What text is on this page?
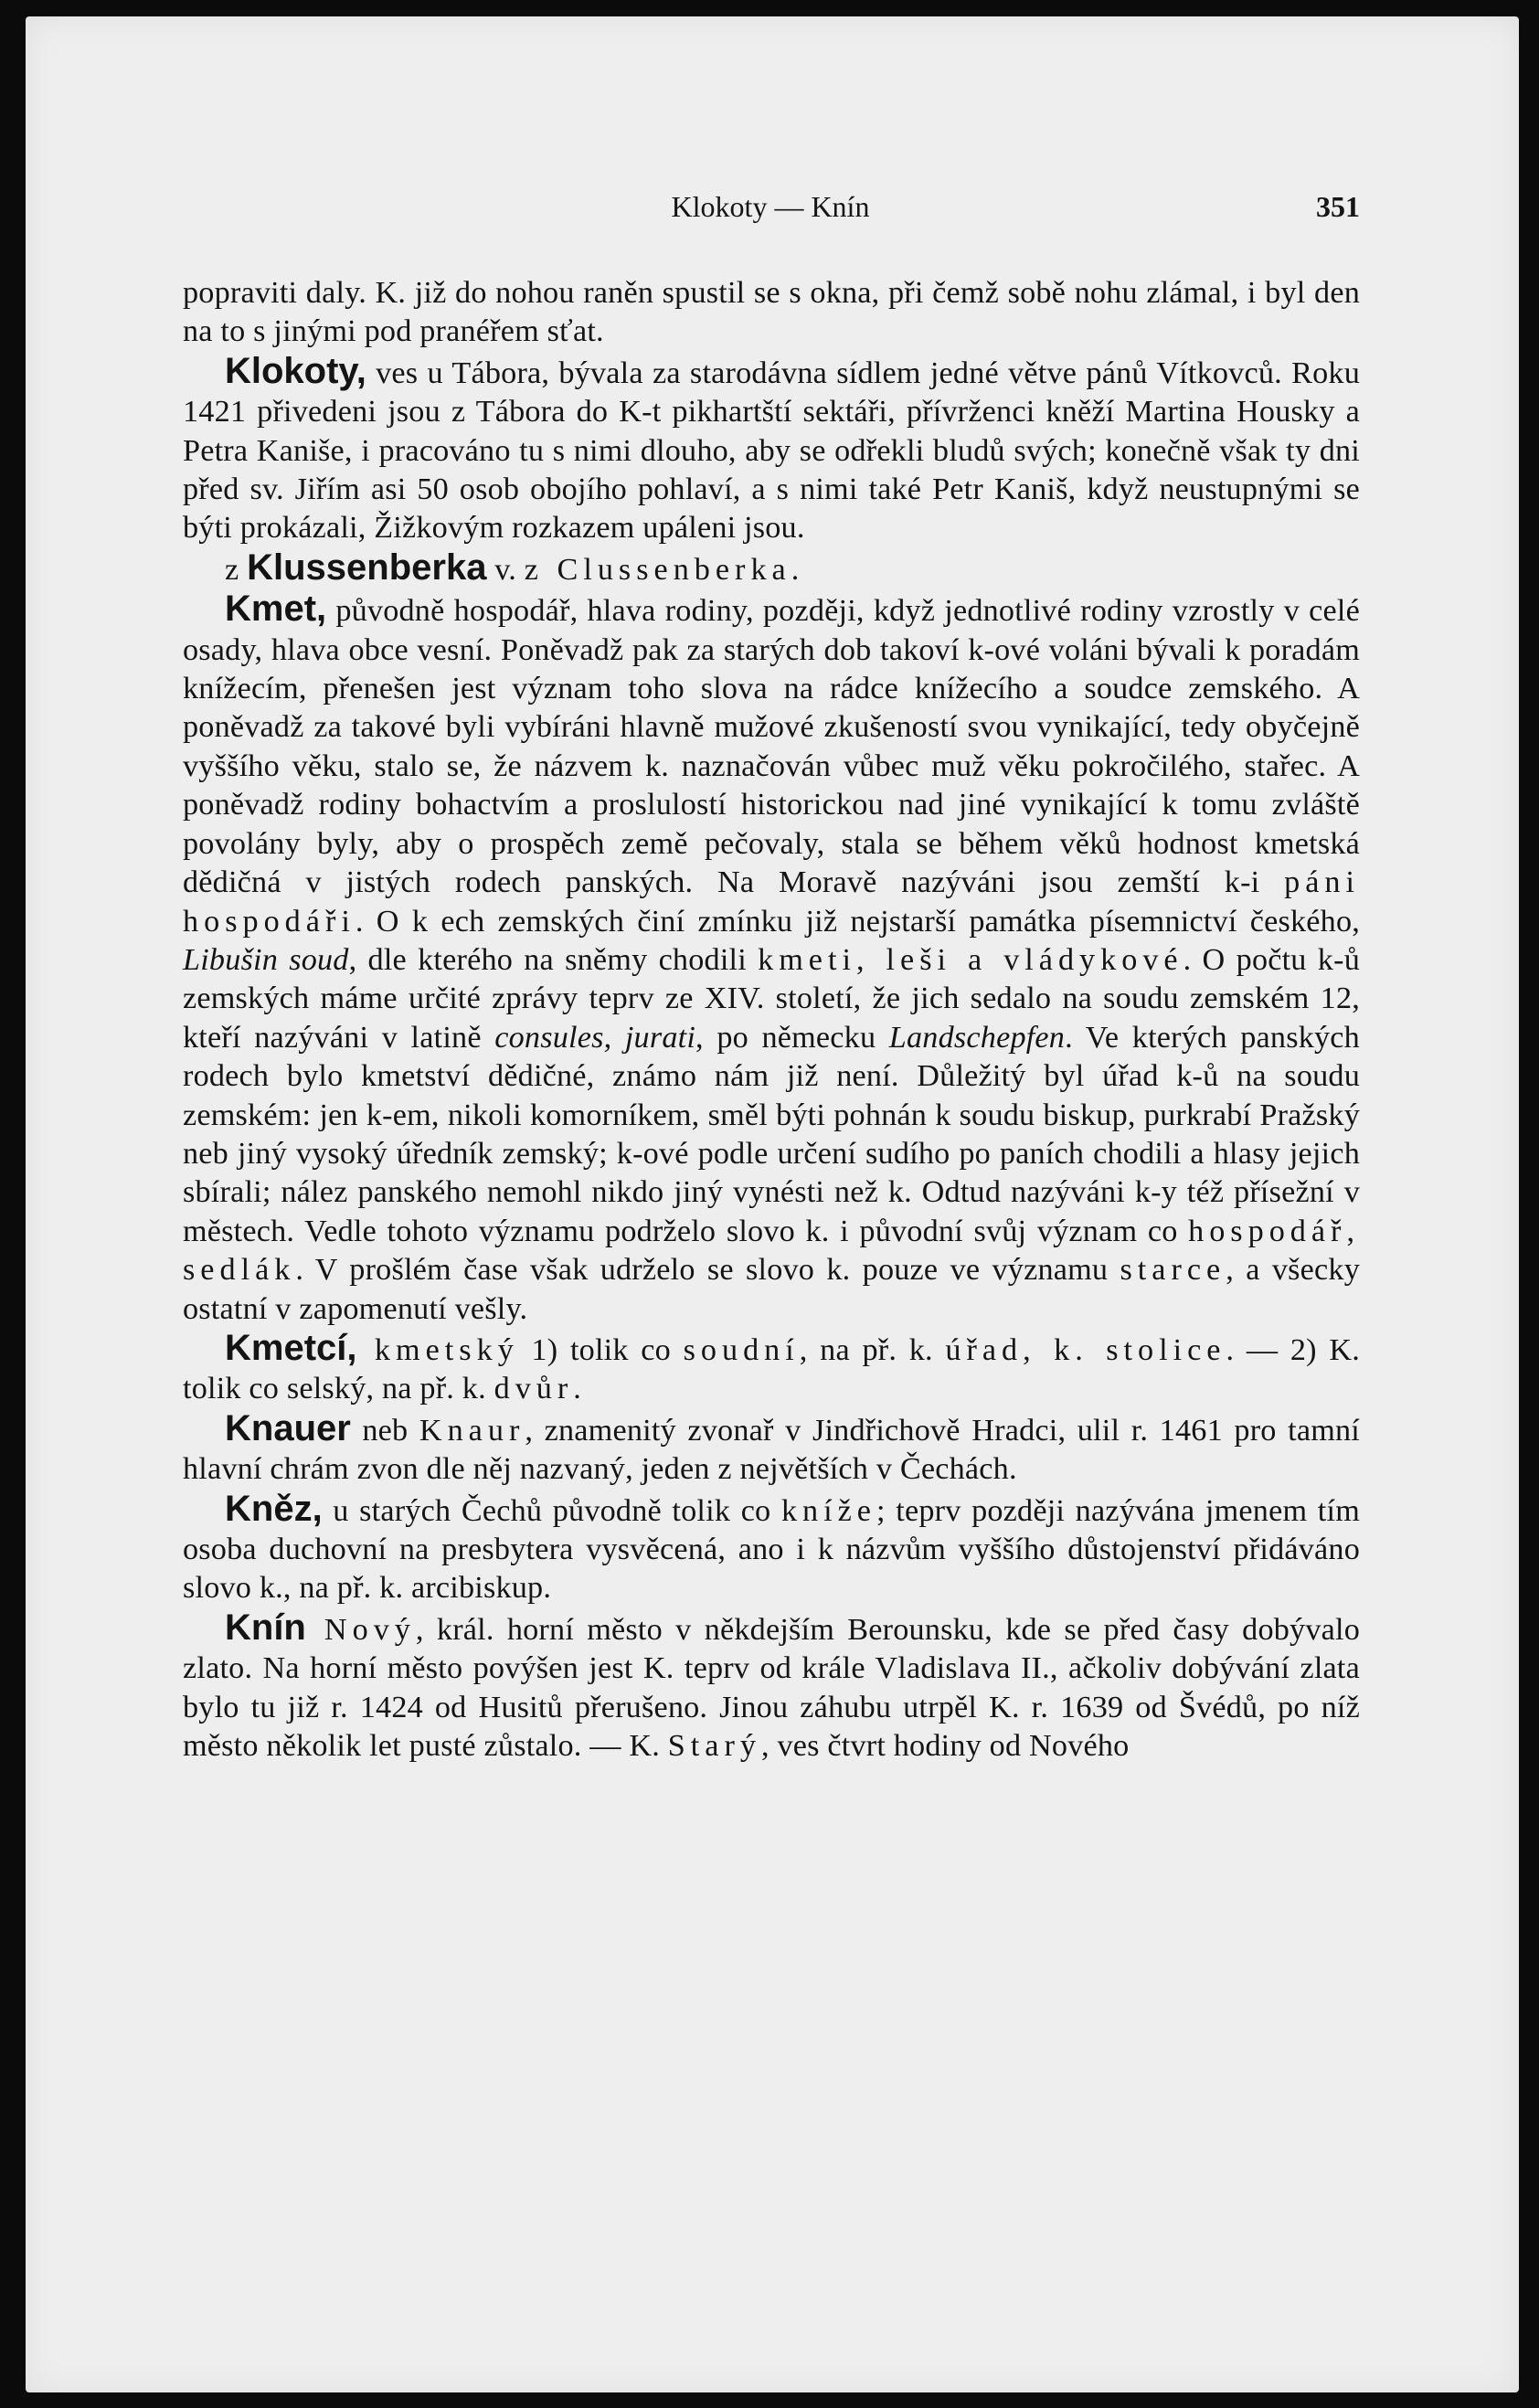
Klokoty — Knín	351

popraviti daly. K. již do nohou raněn spustil se s okna, při čemž sobě nohu zlámal, i byl den na to s jinými pod pranéřem sťat.

Klokoty, ves u Tábora, bývala za starodávna sídlem jedné větve pánů Vítkovců. Roku 1421 přivedeni jsou z Tábora do K-t pikhartští sektáři, přívrženci kněží Martina Housky a Petra Kaniše, i pracováno tu s nimi dlouho, aby se odřekli bludů svých; konečně však ty dni před sv. Jiřím asi 50 osob obojího pohlaví, a s nimi také Petr Kaniš, když neustupnými se býti prokázali, Žižkovým rozkazem upáleni jsou.

z Klussenberka v. z Clussenberka.

Kmet, původně hospodář, hlava rodiny, později, když jednotlivé rodiny vzrostly v celé osady, hlava obce vesní. Poněvadž pak za starých dob takoví k-ové voláni bývali k poradám knížecím, přenešen jest význam toho slova na rádce knížecího a soudce zemského. A poněvadž za takové byli vybíráni hlavně mužové zkušeností svou vynikající, tedy obyčejně vyššího věku, stalo se, že názvem k. naznačován vůbec muž věku pokročilého, stařec. A poněvadž rodiny bohactvím a proslulostí historickou nad jiné vynikající k tomu zvláště povolány byly, aby o prospěch země pečovaly, stala se během věků hodnost kmetská dědičná v jistých rodech panských. Na Moravě nazýváni jsou zemští k-i páni hospodáři. O k ech zemských činí zmínku již nejstarší památka písemnictví českého, Libušin soud, dle kterého na sněmy chodili kmeti, leši a vládykové. O počtu k-ů zemských máme určité zprávy teprv ze XIV. století, že jich sedalo na soudu zemském 12, kteří nazýváni v latině consules, jurati, po německu Landschepfen. Ve kterých panských rodech bylo kmetství dědičné, známo nám již není. Důležitý byl úřad k-ů na soudu zemském: jen k-em, nikoli komorníkem, směl býti pohnán k soudu biskup, purkrabí Pražský neb jiný vysoký úředník zemský; k-ové podle určení sudího po paních chodili a hlasy jejich sbírali; nález panského nemohl nikdo jiný vynésti než k. Odtud nazýváni k-y též přísežní v městech. Vedle tohoto významu podrželo slovo k. i původní svůj význam co hospodář, sedlák. V prošlém čase však udrželo se slovo k. pouze ve významu starce, a všecky ostatní v zapomenutí vešly.

Kmetcí, kmetský 1) tolik co soudní, na př. k. úřad, k. stolice. — 2) K. tolik co selský, na př. k. dvůr.

Knauer neb Knaur, znamenitý zvonař v Jindřichově Hradci, ulil r. 1461 pro tamní hlavní chrám zvon dle něj nazvaný, jeden z největších v Čechách.

Kněz, u starých Čechů původně tolik co kníže; teprv později nazývána jmenem tím osoba duchovní na presbytera vysvěcená, ano i k názvům vyššího důstojenství přidáváno slovo k., na př. k. arcibiskup.

Knín Nový, král. horní město v někdejším Berounsku, kde se před časy dobývalo zlato. Na horní město povýšen jest K. teprv od krále Vladislava II., ačkoliv dobývání zlata bylo tu již r. 1424 od Husitů přerušeno. Jinou záhubu utrpěl K. r. 1639 od Švédů, po níž město několik let pusté zůstalo. — K. Starý, ves čtvrt hodiny od Nového
